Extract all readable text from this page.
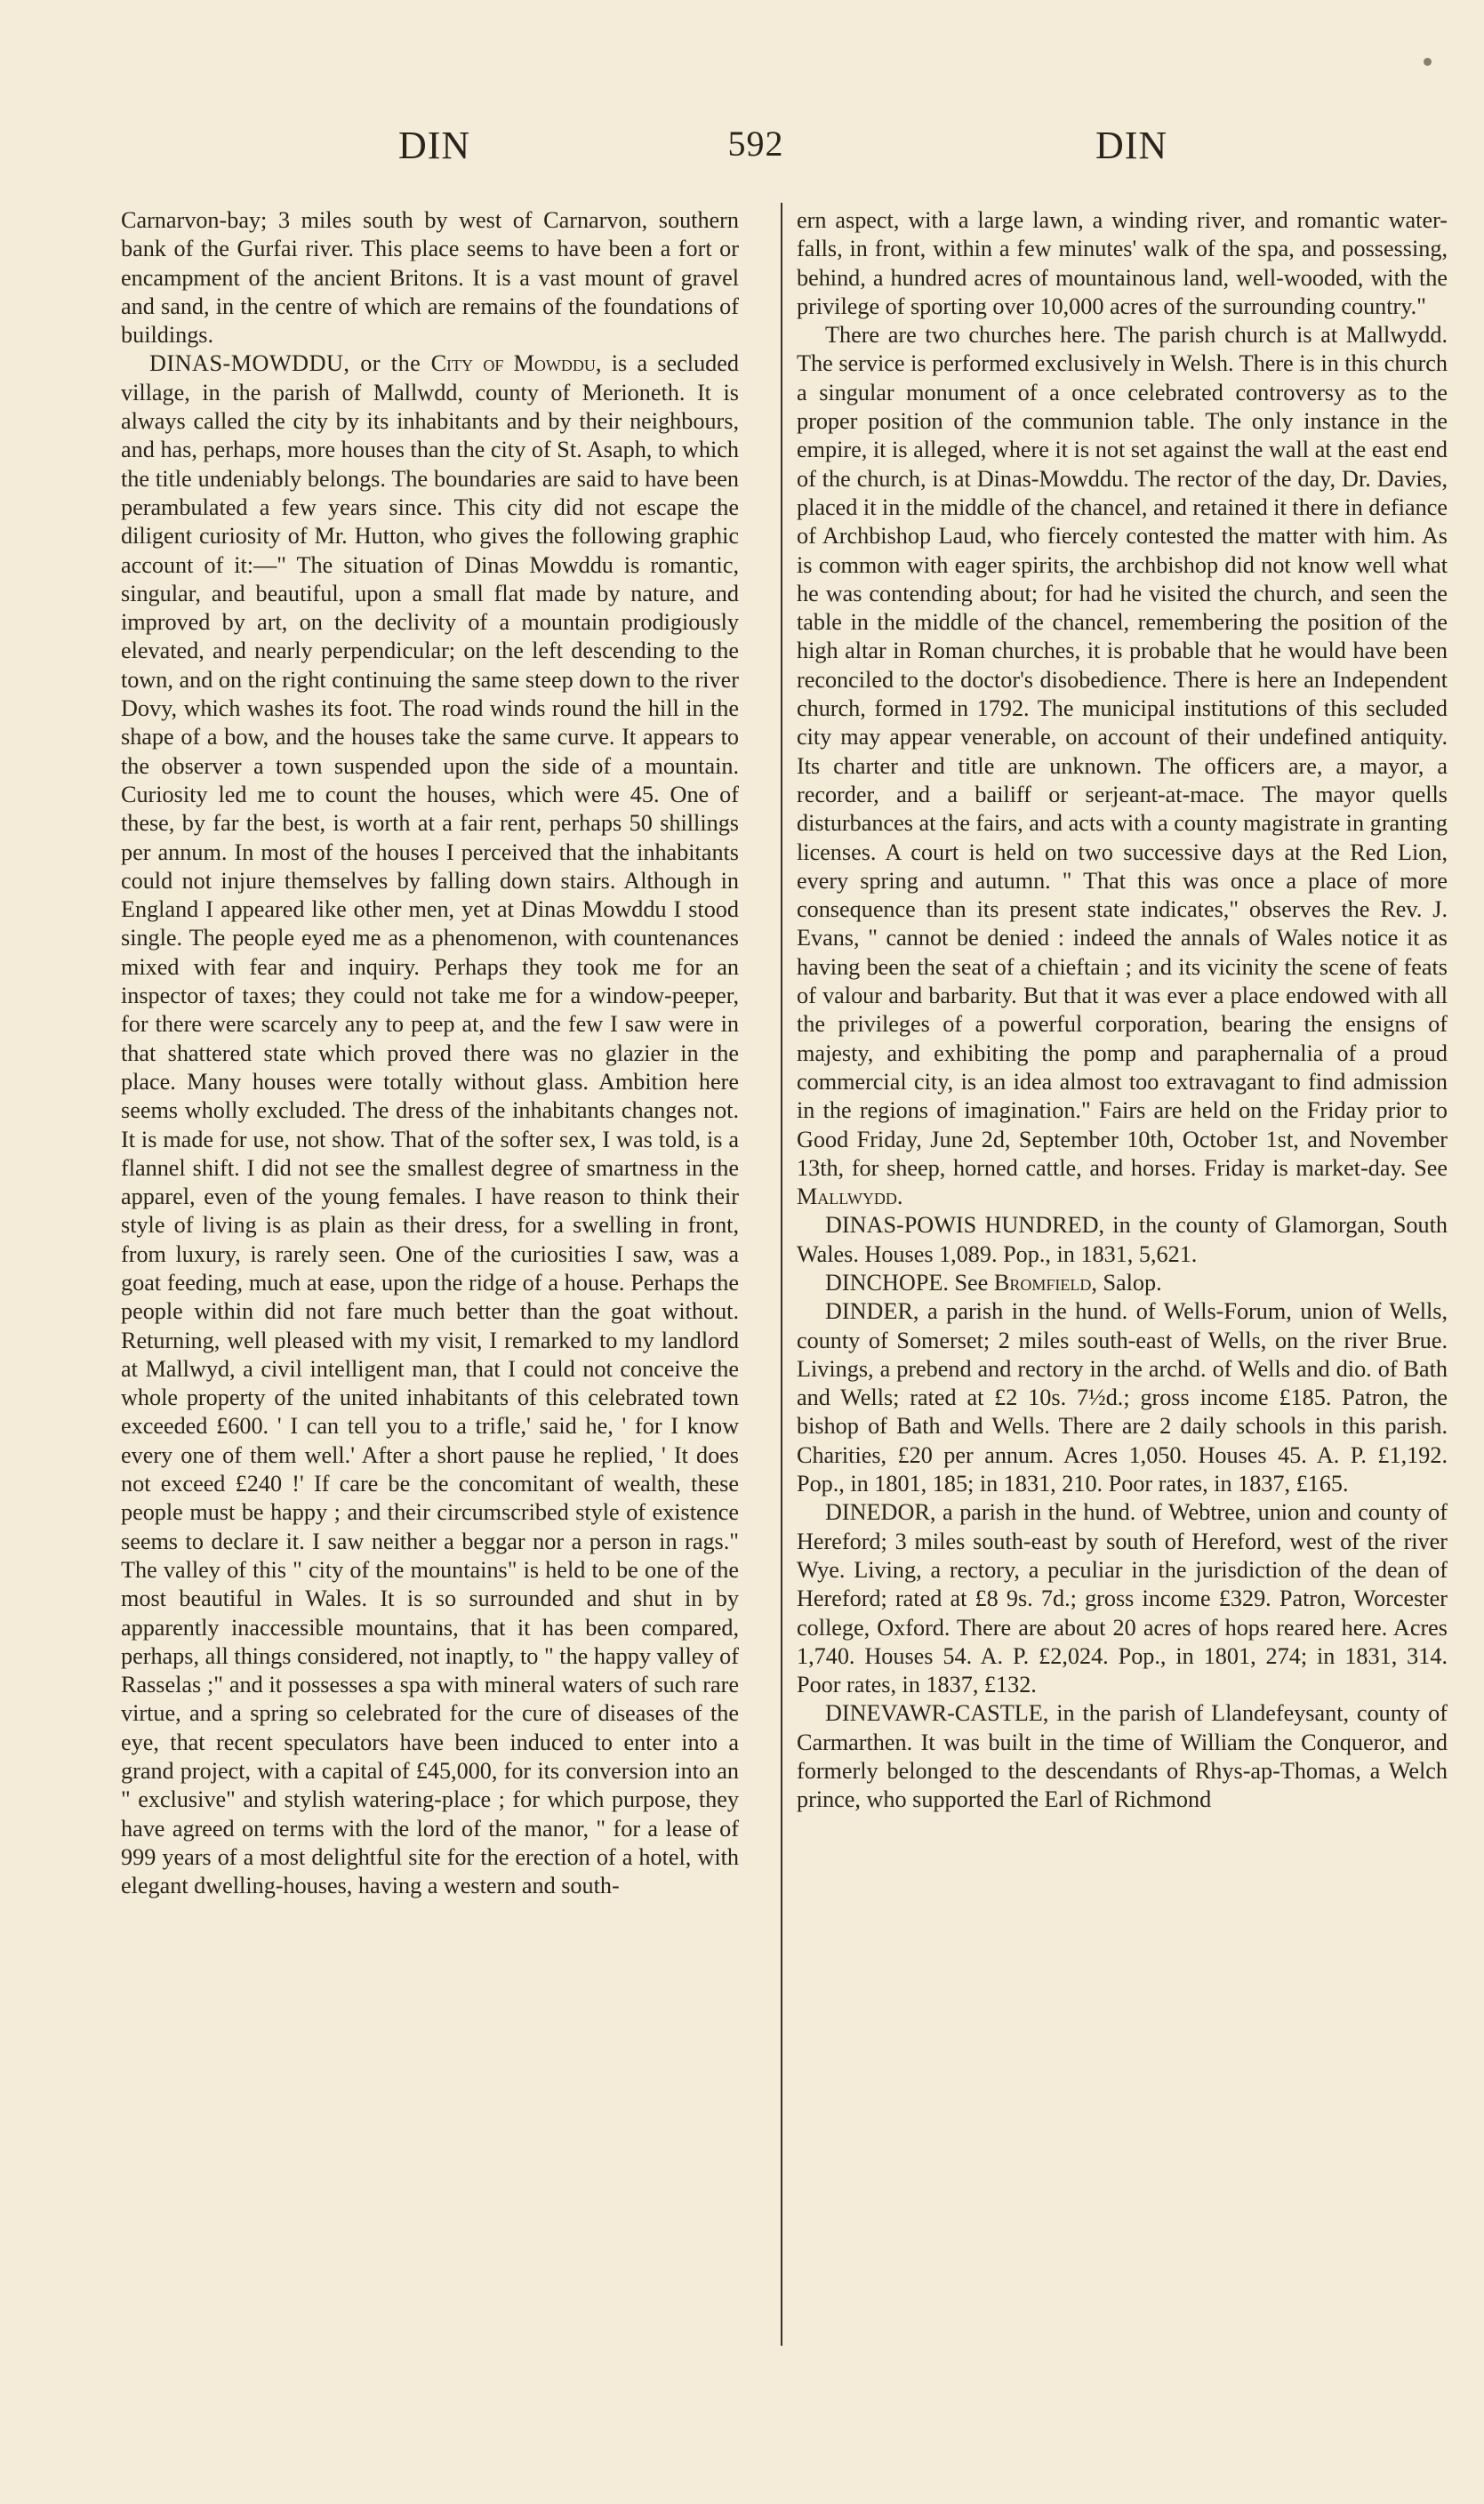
DIN	592	DIN

Carnarvon-bay; 3 miles south by west of Carnarvon, southern bank of the Gurfai river. This place seems to have been a fort or encampment of the ancient Britons. It is a vast mount of gravel and sand, in the centre of which are remains of the foundations of buildings.

DINAS-MOWDDU, or the City of Mowddu, is a secluded village, in the parish of Mallwdd, county of Merioneth. It is always called the city by its inhabitants and by their neighbours, and has, perhaps, more houses than the city of St. Asaph, to which the title undeniably belongs. The boundaries are said to have been perambulated a few years since. This city did not escape the diligent curiosity of Mr. Hutton, who gives the following graphic account of it:—" The situation of Dinas Mowddu is romantic, singular, and beautiful, upon a small flat made by nature, and improved by art, on the declivity of a mountain prodigiously elevated, and nearly perpendicular; on the left descending to the town, and on the right continuing the same steep down to the river Dovy, which washes its foot. The road winds round the hill in the shape of a bow, and the houses take the same curve. It appears to the observer a town suspended upon the side of a mountain. Curiosity led me to count the houses, which were 45. One of these, by far the best, is worth at a fair rent, perhaps 50 shillings per annum. In most of the houses I perceived that the inhabitants could not injure themselves by falling down stairs. Although in England I appeared like other men, yet at Dinas Mowddu I stood single. The people eyed me as a phenomenon, with countenances mixed with fear and inquiry. Perhaps they took me for an inspector of taxes; they could not take me for a window-peeper, for there were scarcely any to peep at, and the few I saw were in that shattered state which proved there was no glazier in the place. Many houses were totally without glass. Ambition here seems wholly excluded. The dress of the inhabitants changes not. It is made for use, not show. That of the softer sex, I was told, is a flannel shift. I did not see the smallest degree of smartness in the apparel, even of the young females. I have reason to think their style of living is as plain as their dress, for a swelling in front, from luxury, is rarely seen. One of the curiosities I saw, was a goat feeding, much at ease, upon the ridge of a house. Perhaps the people within did not fare much better than the goat without. Returning, well pleased with my visit, I remarked to my landlord at Mallwyd, a civil intelligent man, that I could not conceive the whole property of the united inhabitants of this celebrated town exceeded £600. ' I can tell you to a trifle,' said he, ' for I know every one of them well.' After a short pause he replied, ' It does not exceed £240 !' If care be the concomitant of wealth, these people must be happy ; and their circumscribed style of existence seems to declare it. I saw neither a beggar nor a person in rags." The valley of this " city of the mountains" is held to be one of the most beautiful in Wales. It is so surrounded and shut in by apparently inaccessible mountains, that it has been compared, perhaps, all things considered, not inaptly, to " the happy valley of Rasselas ;" and it possesses a spa with mineral waters of such rare virtue, and a spring so celebrated for the cure of diseases of the eye, that recent speculators have been induced to enter into a grand project, with a capital of £45,000, for its conversion into an " exclusive" and stylish watering-place ; for which purpose, they have agreed on terms with the lord of the manor, " for a lease of 999 years of a most delightful site for the erection of a hotel, with elegant dwelling-houses, having a western and south-

ern aspect, with a large lawn, a winding river, and romantic water-falls, in front, within a few minutes' walk of the spa, and possessing, behind, a hundred acres of mountainous land, well-wooded, with the privilege of sporting over 10,000 acres of the surrounding country."

There are two churches here. The parish church is at Mallwydd. The service is performed exclusively in Welsh. There is in this church a singular monument of a once celebrated controversy as to the proper position of the communion table. The only instance in the empire, it is alleged, where it is not set against the wall at the east end of the church, is at Dinas-Mowddu. The rector of the day, Dr. Davies, placed it in the middle of the chancel, and retained it there in defiance of Archbishop Laud, who fiercely contested the matter with him. As is common with eager spirits, the archbishop did not know well what he was contending about; for had he visited the church, and seen the table in the middle of the chancel, remembering the position of the high altar in Roman churches, it is probable that he would have been reconciled to the doctor's disobedience. There is here an Independent church, formed in 1792. The municipal institutions of this secluded city may appear venerable, on account of their undefined antiquity. Its charter and title are unknown. The officers are, a mayor, a recorder, and a bailiff or serjeant-at-mace. The mayor quells disturbances at the fairs, and acts with a county magistrate in granting licenses. A court is held on two successive days at the Red Lion, every spring and autumn. " That this was once a place of more consequence than its present state indicates," observes the Rev. J. Evans, " cannot be denied : indeed the annals of Wales notice it as having been the seat of a chieftain ; and its vicinity the scene of feats of valour and barbarity. But that it was ever a place endowed with all the privileges of a powerful corporation, bearing the ensigns of majesty, and exhibiting the pomp and paraphernalia of a proud commercial city, is an idea almost too extravagant to find admission in the regions of imagination." Fairs are held on the Friday prior to Good Friday, June 2d, September 10th, October 1st, and November 13th, for sheep, horned cattle, and horses. Friday is market-day. See Mallwydd.

DINAS-POWIS HUNDRED, in the county of Glamorgan, South Wales. Houses 1,089. Pop., in 1831, 5,621.

DINCHOPE. See Bromfield, Salop.

DINDER, a parish in the hund. of Wells-Forum, union of Wells, county of Somerset; 2 miles south-east of Wells, on the river Brue. Livings, a prebend and rectory in the archd. of Wells and dio. of Bath and Wells; rated at £2 10s. 7½d.; gross income £185. Patron, the bishop of Bath and Wells. There are 2 daily schools in this parish. Charities, £20 per annum. Acres 1,050. Houses 45. A. P. £1,192. Pop., in 1801, 185; in 1831, 210. Poor rates, in 1837, £165.

DINEDOR, a parish in the hund. of Webtree, union and county of Hereford; 3 miles south-east by south of Hereford, west of the river Wye. Living, a rectory, a peculiar in the jurisdiction of the dean of Hereford; rated at £8 9s. 7d.; gross income £329. Patron, Worcester college, Oxford. There are about 20 acres of hops reared here. Acres 1,740. Houses 54. A. P. £2,024. Pop., in 1801, 274; in 1831, 314. Poor rates, in 1837, £132.

DINEVAWR-CASTLE, in the parish of Llandefeysant, county of Carmarthen. It was built in the time of William the Conqueror, and formerly belonged to the descendants of Rhys-ap-Thomas, a Welch prince, who supported the Earl of Richmond
